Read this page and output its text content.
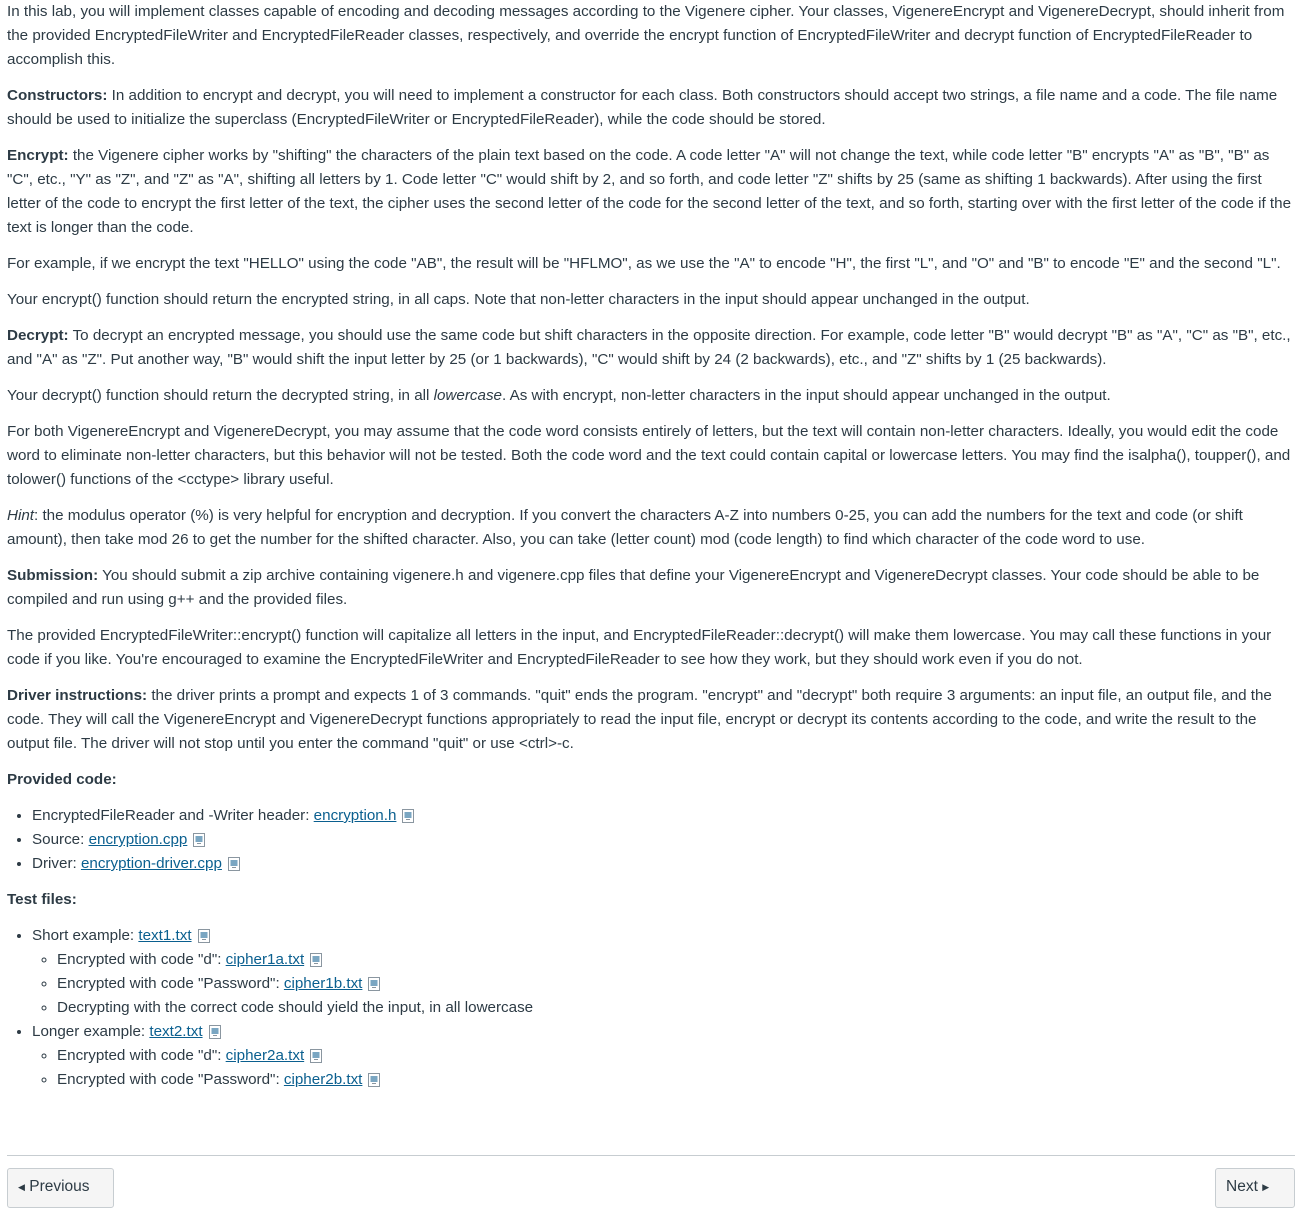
In this lab, you will implement classes capable of encoding and decoding messages according to the Vigenere cipher. Your classes, VigenereEncrypt and VigenereDecrypt, should inherit from the provided EncryptedFileWriter and EncryptedFileReader classes, respectively, and override the encrypt function of EncryptedFileWriter and decrypt function of EncryptedFileReader to accomplish this.

Constructors: In addition to encrypt and decrypt, you will need to implement a constructor for each class. Both constructors should accept two strings, a file name and a code. The file name should be used to initialize the superclass (EncryptedFileWriter or EncryptedFileReader), while the code should be stored.

Encrypt: the Vigenere cipher works by "shifting" the characters of the plain text based on the code. A code letter "A" will not change the text, while code letter "B" encrypts "A" as "B", "B" as "C", etc., "Y" as "Z", and "Z" as "A", shifting all letters by 1. Code letter "C" would shift by 2, and so forth, and code letter "Z" shifts by 25 (same as shifting 1 backwards). After using the first letter of the code to encrypt the first letter of the text, the cipher uses the second letter of the code for the second letter of the text, and so forth, starting over with the first letter of the code if the text is longer than the code.

For example, if we encrypt the text "HELLO" using the code "AB", the result will be "HFLMO", as we use the "A" to encode "H", the first "L", and "O" and "B" to encode "E" and the second "L".

Your encrypt() function should return the encrypted string, in all caps. Note that non-letter characters in the input should appear unchanged in the output.

Decrypt: To decrypt an encrypted message, you should use the same code but shift characters in the opposite direction. For example, code letter "B" would decrypt "B" as "A", "C" as "B", etc., and "A" as "Z". Put another way, "B" would shift the input letter by 25 (or 1 backwards), "C" would shift by 24 (2 backwards), etc., and "Z" shifts by 1 (25 backwards).

Your decrypt() function should return the decrypted string, in all lowercase. As with encrypt, non-letter characters in the input should appear unchanged in the output.

For both VigenereEncrypt and VigenereDecrypt, you may assume that the code word consists entirely of letters, but the text will contain non-letter characters. Ideally, you would edit the code word to eliminate non-letter characters, but this behavior will not be tested. Both the code word and the text could contain capital or lowercase letters. You may find the isalpha(), toupper(), and tolower() functions of the <cctype> library useful.

Hint: the modulus operator (%) is very helpful for encryption and decryption. If you convert the characters A-Z into numbers 0-25, you can add the numbers for the text and code (or shift amount), then take mod 26 to get the number for the shifted character. Also, you can take (letter count) mod (code length) to find which character of the code word to use.

Submission: You should submit a zip archive containing vigenere.h and vigenere.cpp files that define your VigenereEncrypt and VigenereDecrypt classes. Your code should be able to be compiled and run using g++ and the provided files.

The provided EncryptedFileWriter::encrypt() function will capitalize all letters in the input, and EncryptedFileReader::decrypt() will make them lowercase. You may call these functions in your code if you like. You're encouraged to examine the EncryptedFileWriter and EncryptedFileReader to see how they work, but they should work even if you do not.

Driver instructions: the driver prints a prompt and expects 1 of 3 commands. "quit" ends the program. "encrypt" and "decrypt" both require 3 arguments: an input file, an output file, and the code. They will call the VigenereEncrypt and VigenereDecrypt functions appropriately to read the input file, encrypt or decrypt its contents according to the code, and write the result to the output file. The driver will not stop until you enter the command "quit" or use <ctrl>-c.

Provided code:

• EncryptedFileReader and -Writer header: encryption.h
• Source: encryption.cpp
• Driver: encryption-driver.cpp

Test files:

• Short example: text1.txt
◦ Encrypted with code "d": cipher1a.txt
◦ Encrypted with code "Password": cipher1b.txt
◦ Decrypting with the correct code should yield the input, in all lowercase
• Longer example: text2.txt
◦ Encrypted with code "d": cipher2a.txt
◦ Encrypted with code "Password": cipher2b.txt
◀ Previous	Next ▶
